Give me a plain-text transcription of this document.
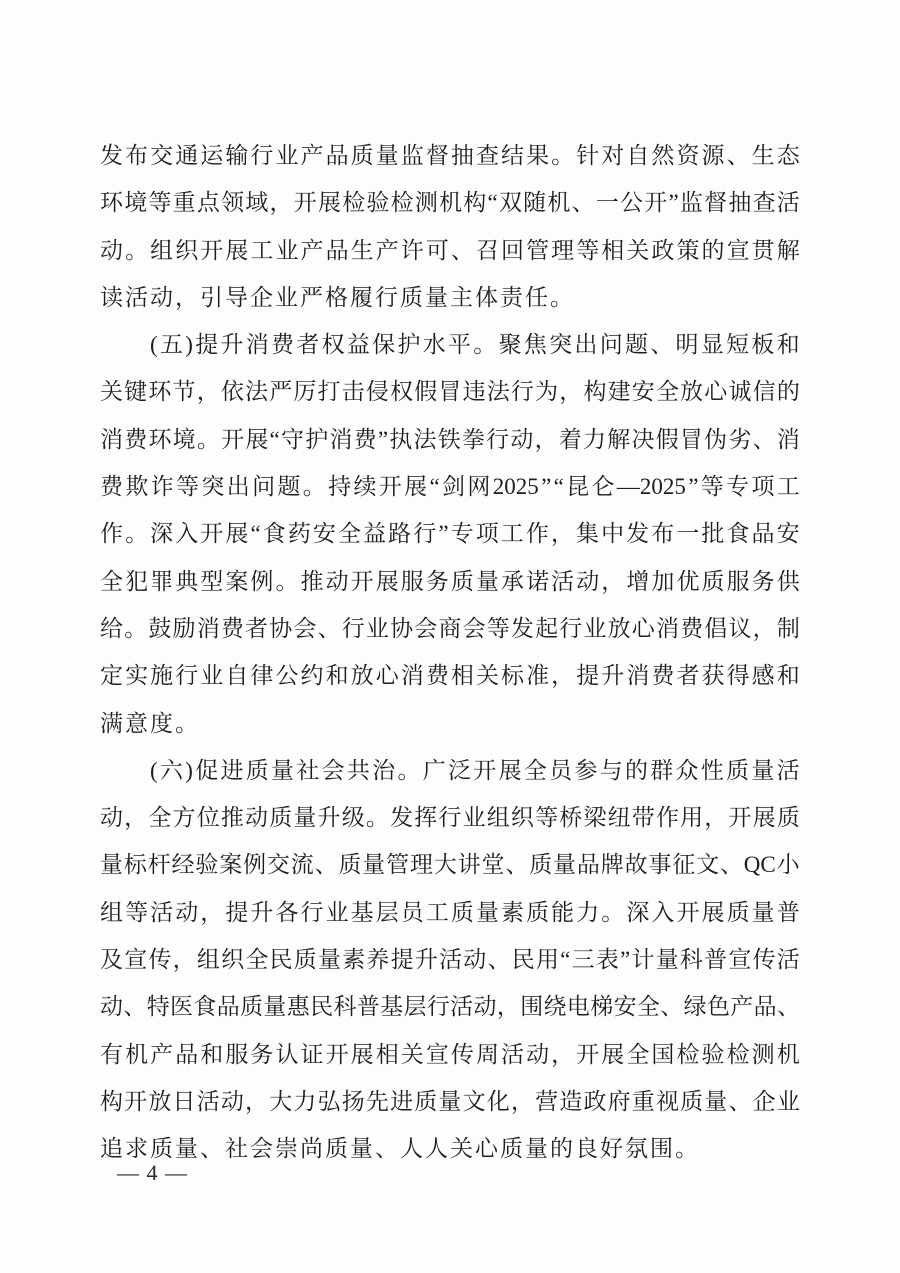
发 布 交 通 运 输 行 业 产 品 质 量 监 督 抽 查 结 果 。 针 对 自 然 资 源 、 生 态
环 境 等 重 点 领 域 ， 开 展 检 验 检 测 机 构 “ 双 随 机 、 一 公 开 ” 监 督 抽 查 活
动 。 组 织 开 展 工 业 产 品 生 产 许 可 、 召 回 管 理 等 相 关 政 策 的 宣 贯 解
读活动，引导企业严格履行质量主体责任。
( 五 ) 提 升 消 费 者 权 益 保 护 水 平 。 聚 焦 突 出 问 题 、 明 显 短 板 和
关 键 环 节 ， 依 法 严 厉 打 击 侵 权 假 冒 违 法 行 为 ， 构 建 安 全 放 心 诚 信 的
消 费 环 境 。 开 展 “ 守 护 消 费 ” 执 法 铁 拳 行 动 ， 着 力 解 决 假 冒 伪 劣 、 消
费 欺 诈 等 突 出 问 题 。 持 续 开 展 “ 剑 网 2025 ” “ 昆 仑 —2025 ” 等 专 项 工
作 。 深 入 开 展 “ 食 药 安 全 益 路 行 ” 专 项 工 作 ， 集 中 发 布 一 批 食 品 安
全 犯 罪 典 型 案 例 。 推 动 开 展 服 务 质 量 承 诺 活 动 ， 增 加 优 质 服 务 供
给 。 鼓 励 消 费 者 协 会 、 行 业 协 会 商 会 等 发 起 行 业 放 心 消 费 倡 议 ， 制
定 实 施 行 业 自 律 公 约 和 放 心 消 费 相 关 标 准 ， 提 升 消 费 者 获 得 感 和
满意度。
( 六 ) 促 进 质 量 社 会 共 治 。 广 泛 开 展 全 员 参 与 的 群 众 性 质 量 活
动 ， 全 方 位 推 动 质 量 升 级 。 发 挥 行 业 组 织 等 桥 梁 纽 带 作 用 ， 开 展 质
量 标 杆 经 验 案 例 交 流 、 质 量 管 理 大 讲 堂 、 质 量 品 牌 故 事 征 文 、 QC 小
组 等 活 动 ， 提 升 各 行 业 基 层 员 工 质 量 素 质 能 力 。 深 入 开 展 质 量 普
及 宣 传 ， 组 织 全 民 质 量 素 养 提 升 活 动 、 民 用 “ 三 表 ” 计 量 科 普 宣 传 活
动 、 特 医 食 品 质 量 惠 民 科 普 基 层 行 活 动 ， 围 绕 电 梯 安 全 、 绿 色 产 品 、
有 机 产 品 和 服 务 认 证 开 展 相 关 宣 传 周 活 动 ， 开 展 全 国 检 验 检 测 机
构 开 放 日 活 动 ， 大 力 弘 扬 先 进 质 量 文 化 ， 营 造 政 府 重 视 质 量 、 企 业
追求质量、社会崇尚质量、人人关心质量的良好氛围。
— 4 —
